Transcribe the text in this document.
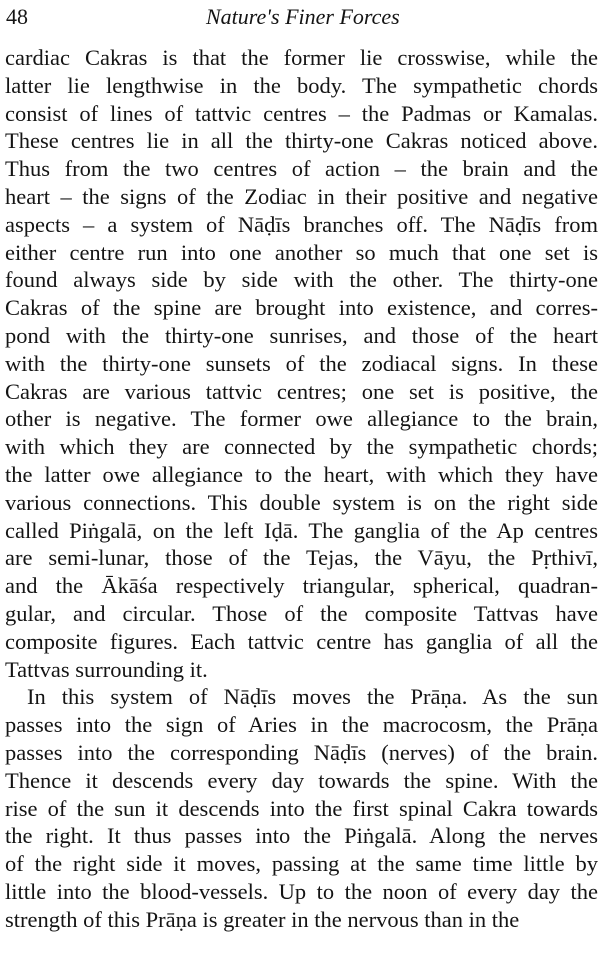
48	Nature's Finer Forces

cardiac Cakras is that the former lie crosswise, while the
latter lie lengthwise in the body. The sympathetic chords
consist of lines of tattvic centres – the Padmas or Kamalas.
These centres lie in all the thirty-one Cakras noticed above.
Thus from the two centres of action – the brain and the
heart – the signs of the Zodiac in their positive and negative
aspects – a system of Nāḍīs branches off. The Nāḍīs from
either centre run into one another so much that one set is
found always side by side with the other. The thirty-one
Cakras of the spine are brought into existence, and corres-
pond with the thirty-one sunrises, and those of the heart
with the thirty-one sunsets of the zodiacal signs. In these
Cakras are various tattvic centres; one set is positive, the
other is negative. The former owe allegiance to the brain,
with which they are connected by the sympathetic chords;
the latter owe allegiance to the heart, with which they have
various connections. This double system is on the right side
called Piṅgalā, on the left Iḍā. The ganglia of the Ap centres
are semi-lunar, those of the Tejas, the Vāyu, the Pṛthivī,
and the Ākāśa respectively triangular, spherical, quadran-
gular, and circular. Those of the composite Tattvas have
composite figures. Each tattvic centre has ganglia of all the
Tattvas surrounding it.

In this system of Nāḍīs moves the Prāṇa. As the sun
passes into the sign of Aries in the macrocosm, the Prāṇa
passes into the corresponding Nāḍīs (nerves) of the brain.
Thence it descends every day towards the spine. With the
rise of the sun it descends into the first spinal Cakra towards
the right. It thus passes into the Piṅgalā. Along the nerves
of the right side it moves, passing at the same time little by
little into the blood-vessels. Up to the noon of every day the
strength of this Prāṇa is greater in the nervous than in the
